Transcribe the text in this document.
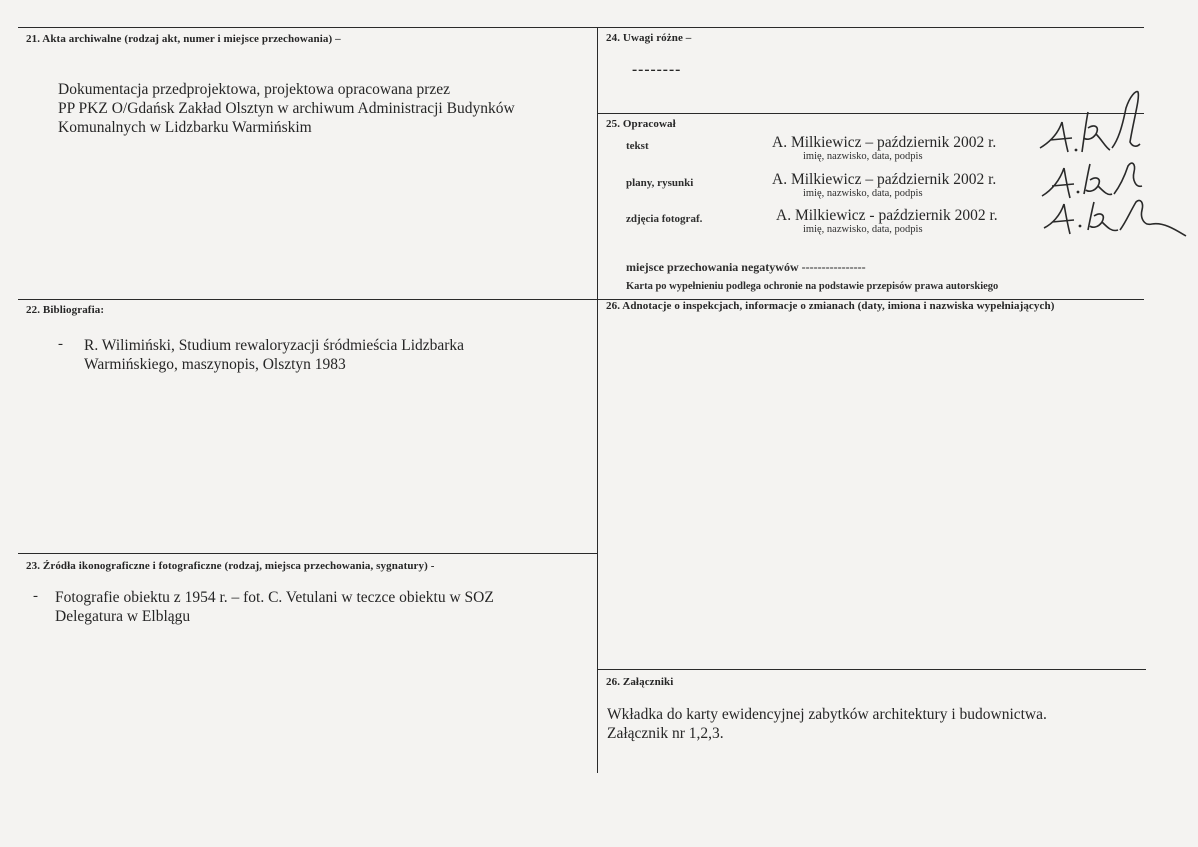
21. Akta archiwalne (rodzaj akt, numer i miejsce przechowania) –

Dokumentacja przedprojektowa, projektowa opracowana przez

PP PKZ O/Gdańsk Zakład Olsztyn w archiwum Administracji Budynków

Komunalnych w Lidzbarku Warmińskim

22. Bibliografia:
- R. Wilimiński, Studium rewaloryzacji śródmieścia Lidzbarka

Warmińskiego, maszynopis, Olsztyn 1983

23. Źródła ikonograficzne i fotograficzne (rodzaj, miejsca przechowania, sygnatury) -
- Fotografie obiektu z 1954 r. – fot. C. Vetulani w teczce obiektu w SOZ

Delegatura w Elblągu

24. Uwagi różne –
--------
25. Opracował
tekst	A. Milkiewicz – październik 2002 r.
imię, nazwisko, data, podpis
plany, rysunki	A. Milkiewicz – październik 2002 r.
imię, nazwisko, data, podpis
zdjęcia fotograf.	A. Milkiewicz - październik 2002 r.
imię, nazwisko, data, podpis
miejsce przechowania negatywów ----------------
Karta po wypełnieniu podlega ochronie na podstawie przepisów prawa autorskiego
26. Adnotacje o inspekcjach, informacje o zmianach (daty, imiona i nazwiska wypełniających)
26. Załączniki

Wkładka do karty ewidencyjnej zabytków architektury i budownictwa.

Załącznik nr 1,2,3.
